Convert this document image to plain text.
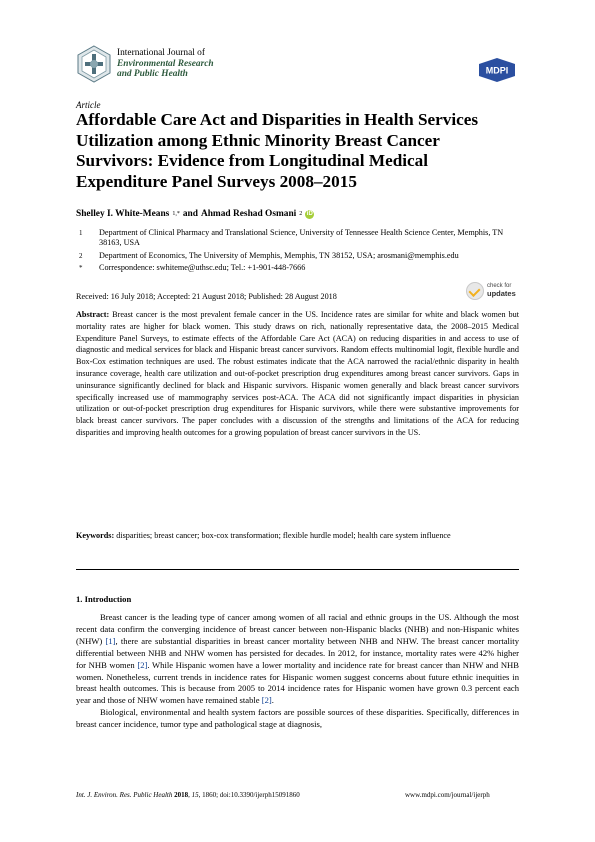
International Journal of
Environmental Research
and Public Health	MDPI
Article
Affordable Care Act and Disparities in Health Services Utilization among Ethnic Minority Breast Cancer Survivors: Evidence from Longitudinal Medical Expenditure Panel Surveys 2008–2015
Shelley I. White-Means 1,* and Ahmad Reshad Osmani 2 iD
1	Department of Clinical Pharmacy and Translational Science, University of Tennessee Health Science Center, Memphis, TN 38163, USA
2	Department of Economics, The University of Memphis, Memphis, TN 38152, USA; arosmani@memphis.edu
*	Correspondence: swhiteme@uthsc.edu; Tel.: +1-901-448-7666
check for
updates
Received: 16 July 2018; Accepted: 21 August 2018; Published: 28 August 2018
Abstract: Breast cancer is the most prevalent female cancer in the US. Incidence rates are similar for white and black women but mortality rates are higher for black women. This study draws on rich, nationally representative data, the 2008–2015 Medical Expenditure Panel Surveys, to estimate effects of the Affordable Care Act (ACA) on reducing disparities in and access to use of diagnostic and medical services for black and Hispanic breast cancer survivors. Random effects multinomial logit, flexible hurdle and Box-Cox estimation techniques are used. The robust estimates indicate that the ACA narrowed the racial/ethnic disparity in health insurance coverage, health care utilization and out-of-pocket prescription drug expenditures among breast cancer survivors. Gaps in uninsurance significantly declined for black and Hispanic survivors. Hispanic women generally and black breast cancer survivors specifically increased use of mammography services post-ACA. The ACA did not significantly impact disparities in physician utilization or out-of-pocket prescription drug expenditures for Hispanic survivors, while there were substantive improvements for black breast cancer survivors. The paper concludes with a discussion of the strengths and limitations of the ACA for reducing disparities and improving health outcomes for a growing population of breast cancer survivors in the US.
Keywords: disparities; breast cancer; box-cox transformation; flexible hurdle model; health care system influence
1. Introduction

Breast cancer is the leading type of cancer among women of all racial and ethnic groups in the US. Although the most recent data confirm the converging incidence of breast cancer between non-Hispanic blacks (NHB) and non-Hispanic whites (NHW) [1], there are substantial disparities in breast cancer mortality between NHB and NHW. The breast cancer mortality differential between NHB and NHW women has persisted for decades. In 2012, for instance, mortality rates were 42% higher for NHB women [2]. While Hispanic women have a lower mortality and incidence rate for breast cancer than NHW and NHB women. Nonetheless, current trends in incidence rates for Hispanic women suggest concerns about future ethnic inequities in breast health outcomes. This is because from 2005 to 2014 incidence rates for Hispanic women have grown 0.3 percent each year and those of NHW women have remained stable [2].

Biological, environmental and health system factors are possible sources of these disparities. Specifically, differences in breast cancer incidence, tumor type and pathological stage at diagnosis,

Int. J. Environ. Res. Public Health 2018, 15, 1860; doi:10.3390/ijerph15091860	www.mdpi.com/journal/ijerph
